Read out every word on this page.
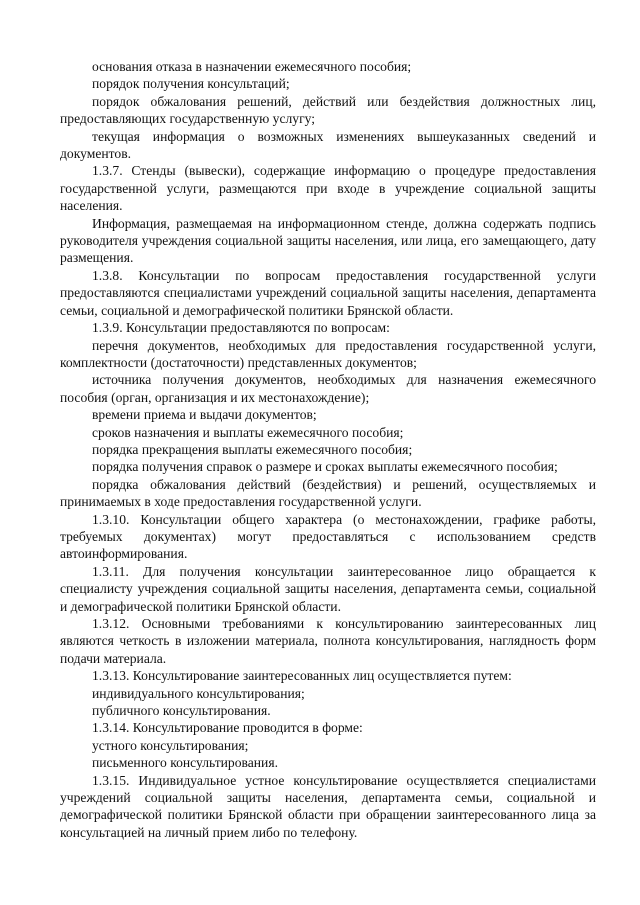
основания отказа в назначении ежемесячного пособия;

порядок получения консультаций;

порядок обжалования решений, действий или бездействия должностных лиц, предоставляющих государственную услугу;

текущая информация о возможных изменениях вышеуказанных сведений и документов.

1.3.7. Стенды (вывески), содержащие информацию о процедуре предоставления государственной услуги, размещаются при входе в учреждение социальной защиты населения.

Информация, размещаемая на информационном стенде, должна содержать подпись руководителя учреждения социальной защиты населения, или лица, его замещающего, дату размещения.

1.3.8. Консультации по вопросам предоставления государственной услуги предоставляются специалистами учреждений социальной защиты населения, департамента семьи, социальной и демографической политики Брянской области.

1.3.9. Консультации предоставляются по вопросам:

перечня документов, необходимых для предоставления государственной услуги, комплектности (достаточности) представленных документов;

источника получения документов, необходимых для назначения ежемесячного пособия (орган, организация и их местонахождение);

времени приема и выдачи документов;

сроков назначения и выплаты ежемесячного пособия;

порядка прекращения выплаты ежемесячного пособия;

порядка получения справок о размере и сроках выплаты ежемесячного пособия;

порядка обжалования действий (бездействия) и решений, осуществляемых и принимаемых в ходе предоставления государственной услуги.

1.3.10. Консультации общего характера (о местонахождении, графике работы, требуемых документах) могут предоставляться с использованием средств автоинформирования.

1.3.11. Для получения консультации заинтересованное лицо обращается к специалисту учреждения социальной защиты населения, департамента семьи, социальной и демографической политики Брянской области.

1.3.12. Основными требованиями к консультированию заинтересованных лиц являются четкость в изложении материала, полнота консультирования, наглядность форм подачи материала.

1.3.13. Консультирование заинтересованных лиц осуществляется путем:

индивидуального консультирования;

публичного консультирования.

1.3.14. Консультирование проводится в форме:

устного консультирования;

письменного консультирования.

1.3.15. Индивидуальное устное консультирование осуществляется специалистами учреждений социальной защиты населения, департамента семьи, социальной и демографической политики Брянской области при обращении заинтересованного лица за консультацией на личный прием либо по телефону.
